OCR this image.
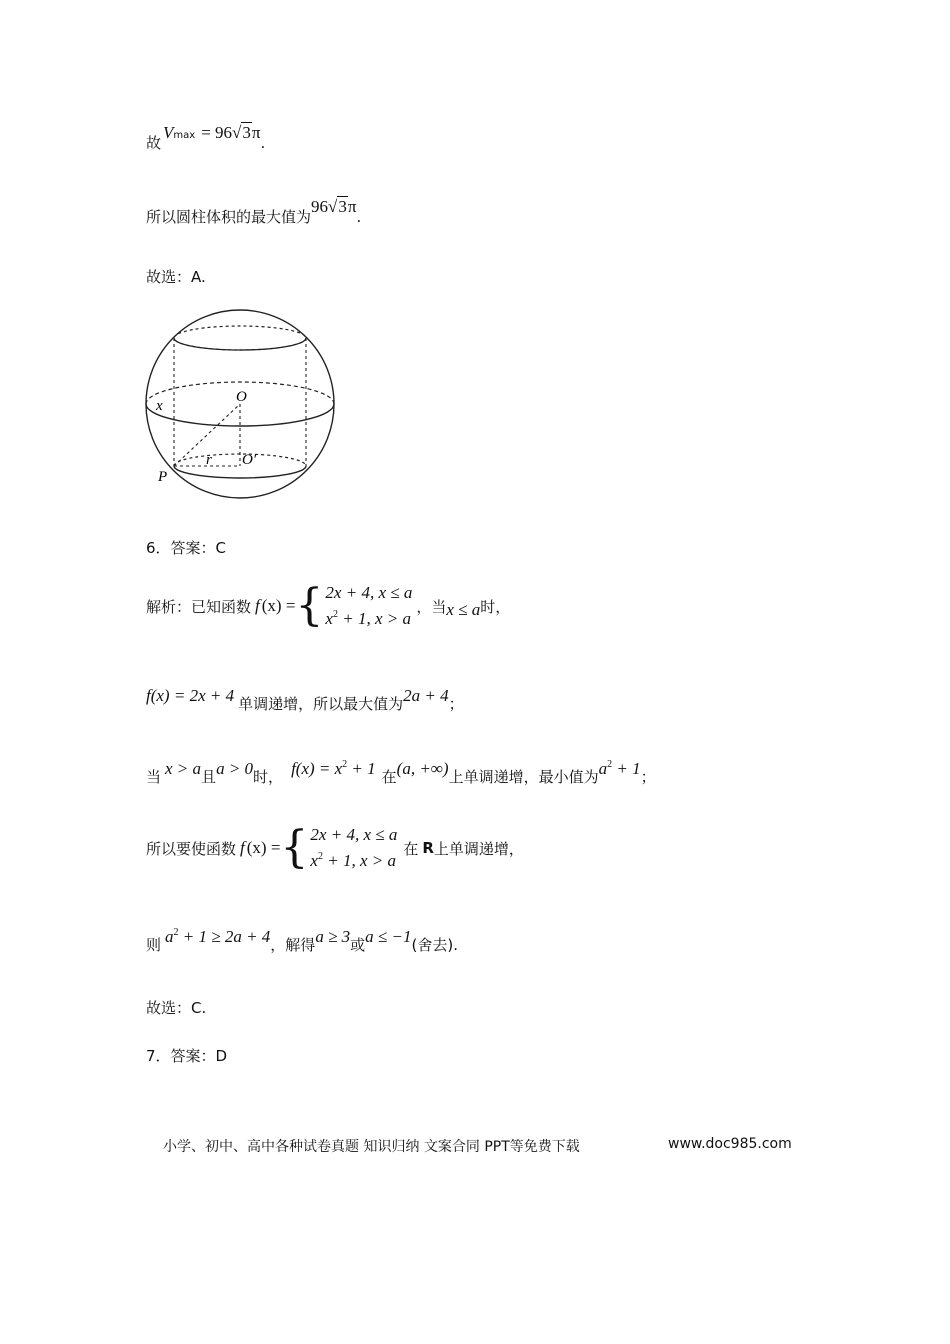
故
V max = 96 √ 3 π
.
所以圆柱体积的最大值为
96 √ 3 π
.
故选：A.
x
O
r O′
P
6．答案：C
解析：已知函数 f (x) = { 2x + 4, x ≤ a
$x^2 + 1$, x > a
，当 x ≤ a 时，
f(x) = 2x + 4 单调递增，所以最大值为 2a + 4 ；
当 x > a 且 a > 0 时， $f(x) = x^2 + 1$ 在 (a, +∞) 上单调递增，最小值为 $a^2 + 1$ ；
所以要使函数 f (x) = { 2x + 4, x ≤ a
$x^2 + 1$, x > a
在 R 上单调递增，
则 $a^2 + 1 \ge 2a + 4$ ，解得 a ≥ 3 或 a ≤ −1 (舍去).
故选：C.
7．答案：D
小学、初中、高中各种试卷真题 知识归纳 文案合同 PPT等免费下载	www.doc985.com
